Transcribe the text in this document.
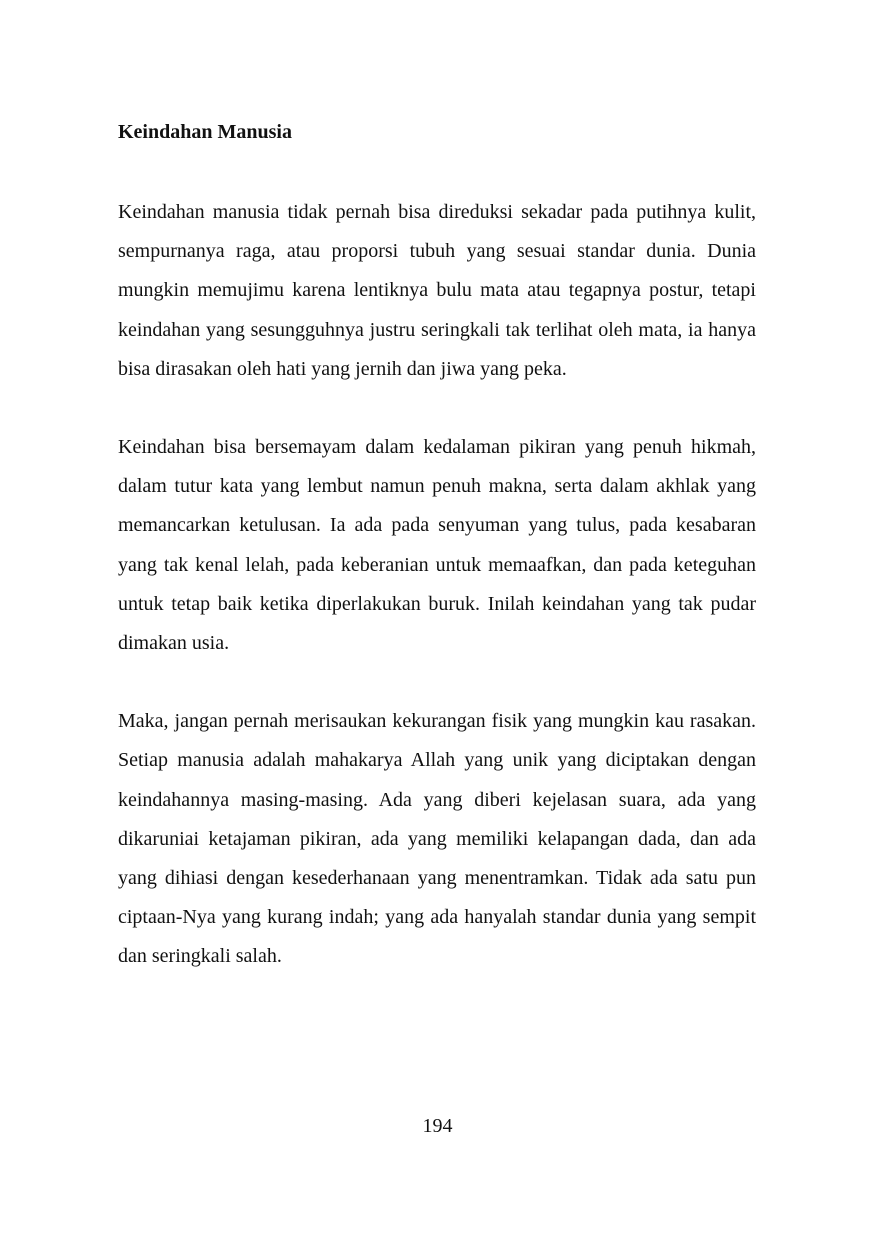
Keindahan Manusia

Keindahan manusia tidak pernah bisa direduksi sekadar pada putihnya kulit, sempurnanya raga, atau proporsi tubuh yang sesuai standar dunia. Dunia mungkin memujimu karena lentiknya bulu mata atau tegapnya postur, tetapi keindahan yang sesungguhnya justru seringkali tak terlihat oleh mata, ia hanya bisa dirasakan oleh hati yang jernih dan jiwa yang peka.

Keindahan bisa bersemayam dalam kedalaman pikiran yang penuh hikmah, dalam tutur kata yang lembut namun penuh makna, serta dalam akhlak yang memancarkan ketulusan. Ia ada pada senyuman yang tulus, pada kesabaran yang tak kenal lelah, pada keberanian untuk memaafkan, dan pada keteguhan untuk tetap baik ketika diperlakukan buruk. Inilah keindahan yang tak pudar dimakan usia.

Maka, jangan pernah merisaukan kekurangan fisik yang mungkin kau rasakan. Setiap manusia adalah mahakarya Allah yang unik yang diciptakan dengan keindahannya masing-masing. Ada yang diberi kejelasan suara, ada yang dikaruniai ketajaman pikiran, ada yang memiliki kelapangan dada, dan ada yang dihiasi dengan kesederhanaan yang menentramkan. Tidak ada satu pun ciptaan-Nya yang kurang indah; yang ada hanyalah standar dunia yang sempit dan seringkali salah.

194
